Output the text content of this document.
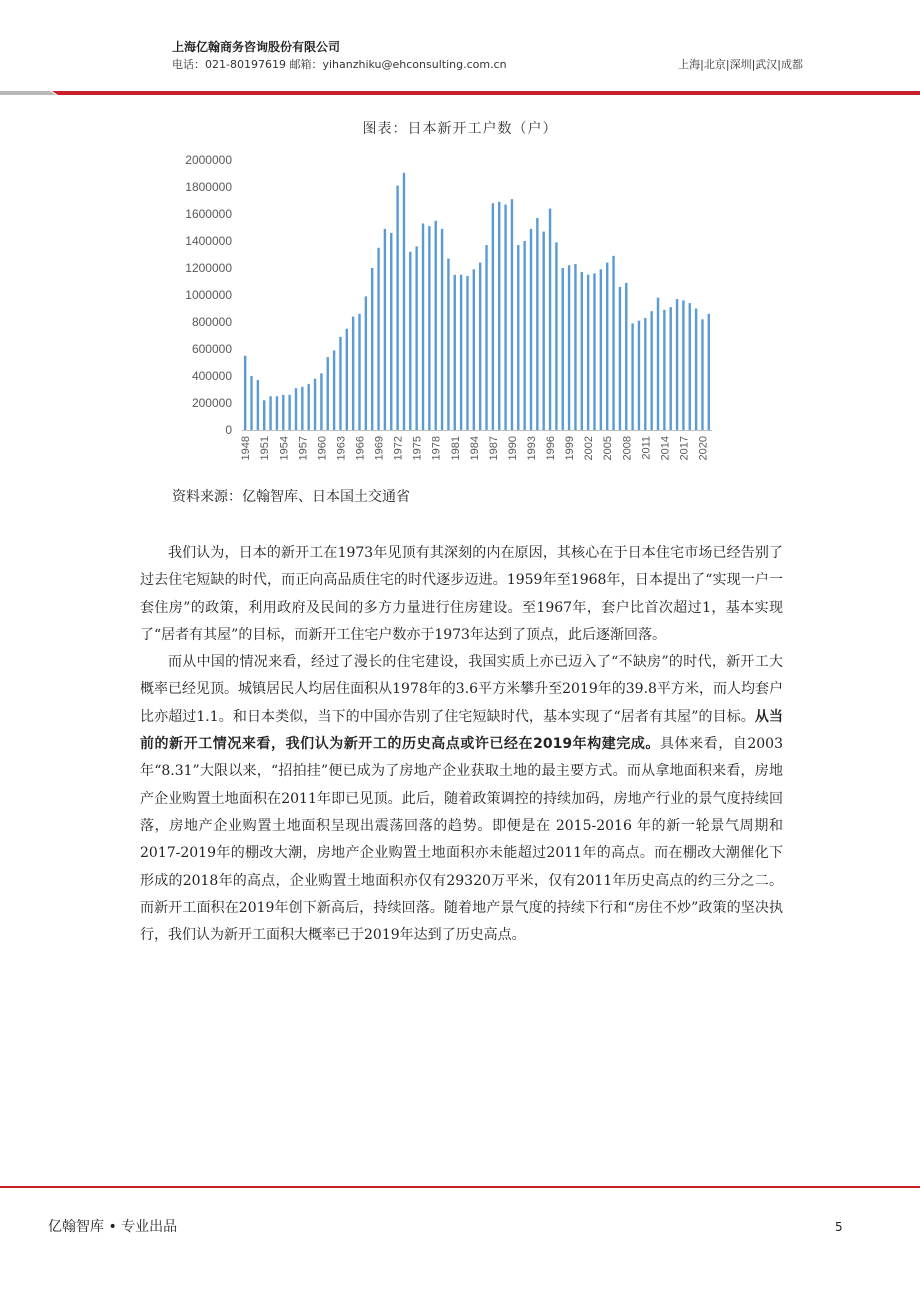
上海亿翰商务咨询股份有限公司
电话：021-80197619 邮箱：yihanzhiku@ehconsulting.com.cn	上海|北京|深圳|武汉|成都
图表：日本新开工户数（户）
0
200000
400000
600000
800000
1000000
1200000
1400000
1600000
1800000
2000000
1948 1951 1954 1957 1960 1963 1966 1969 1972 1975 1978 1981 1984 1987 1990 1993 1996 1999 2002 2005 2008 2011 2014 2017 2020
资料来源：亿翰智库、日本国土交通省

我们认为，日本的新开工在1973年见顶有其深刻的内在原因，其核心在于日本住宅市场已经告别了过去住宅短缺的时代，而正向高品质住宅的时代逐步迈进。1959年至1968年，日本提出了“实现一户一套住房”的政策，利用政府及民间的多方力量进行住房建设。至1967年，套户比首次超过1，基本实现了“居者有其屋”的目标，而新开工住宅户数亦于1973年达到了顶点，此后逐渐回落。

而从中国的情况来看，经过了漫长的住宅建设，我国实质上亦已迈入了“不缺房”的时代，新开工大概率已经见顶。城镇居民人均居住面积从1978年的3.6平方米攀升至2019年的39.8平方米，而人均套户比亦超过1.1。和日本类似，当下的中国亦告别了住宅短缺时代，基本实现了“居者有其屋”的目标。从当前的新开工情况来看，我们认为新开工的历史高点或许已经在2019年构建完成。具体来看，自2003年“8.31”大限以来，“招拍挂”便已成为了房地产企业获取土地的最主要方式。而从拿地面积来看，房地产企业购置土地面积在2011年即已见顶。此后，随着政策调控的持续加码，房地产行业的景气度持续回落，房地产企业购置土地面积呈现出震荡回落的趋势。即便是在 2015-2016 年的新一轮景气周期和2017-2019年的棚改大潮，房地产企业购置土地面积亦未能超过2011年的高点。而在棚改大潮催化下形成的2018年的高点，企业购置土地面积亦仅有29320万平米，仅有2011年历史高点的约三分之二。而新开工面积在2019年创下新高后，持续回落。随着地产景气度的持续下行和“房住不炒”政策的坚决执行，我们认为新开工面积大概率已于2019年达到了历史高点。

亿翰智库 • 专业出品	5
